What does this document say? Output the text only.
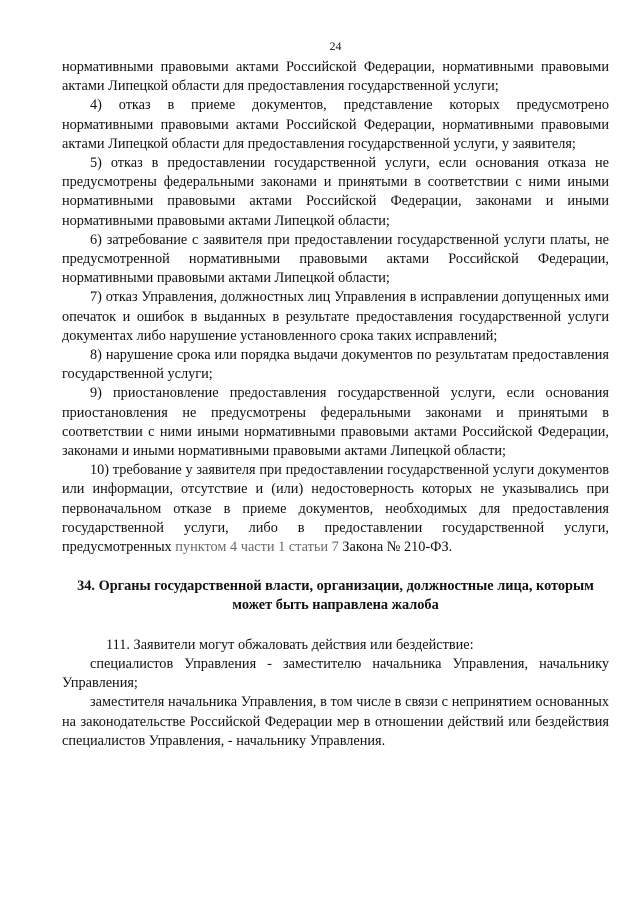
24

нормативными правовыми актами Российской Федерации, нормативными правовыми актами Липецкой области для предоставления государственной услуги;

4) отказ в приеме документов, представление которых предусмотрено нормативными правовыми актами Российской Федерации, нормативными правовыми актами Липецкой области для предоставления государственной услуги, у заявителя;

5) отказ в предоставлении государственной услуги, если основания отказа не предусмотрены федеральными законами и принятыми в соответствии с ними иными нормативными правовыми актами Российской Федерации, законами и иными нормативными правовыми актами Липецкой области;

6) затребование с заявителя при предоставлении государственной услуги платы, не предусмотренной нормативными правовыми актами Российской Федерации, нормативными правовыми актами Липецкой области;

7) отказ Управления, должностных лиц Управления в исправлении допущенных ими опечаток и ошибок в выданных в результате предоставления государственной услуги документах либо нарушение установленного срока таких исправлений;

8) нарушение срока или порядка выдачи документов по результатам предоставления государственной услуги;

9) приостановление предоставления государственной услуги, если основания приостановления не предусмотрены федеральными законами и принятыми в соответствии с ними иными нормативными правовыми актами Российской Федерации, законами и иными нормативными правовыми актами Липецкой области;

10) требование у заявителя при предоставлении государственной услуги документов или информации, отсутствие и (или) недостоверность которых не указывались при первоначальном отказе в приеме документов, необходимых для предоставления государственной услуги, либо в предоставлении государственной услуги, предусмотренных пунктом 4 части 1 статьи 7 Закона № 210-ФЗ.

34. Органы государственной власти, организации, должностные лица, которым может быть направлена жалоба

111. Заявители могут обжаловать действия или бездействие:

специалистов Управления - заместителю начальника Управления, начальнику Управления;

заместителя начальника Управления, в том числе в связи с непринятием основанных на законодательстве Российской Федерации мер в отношении действий или бездействия специалистов Управления, - начальнику Управления.
